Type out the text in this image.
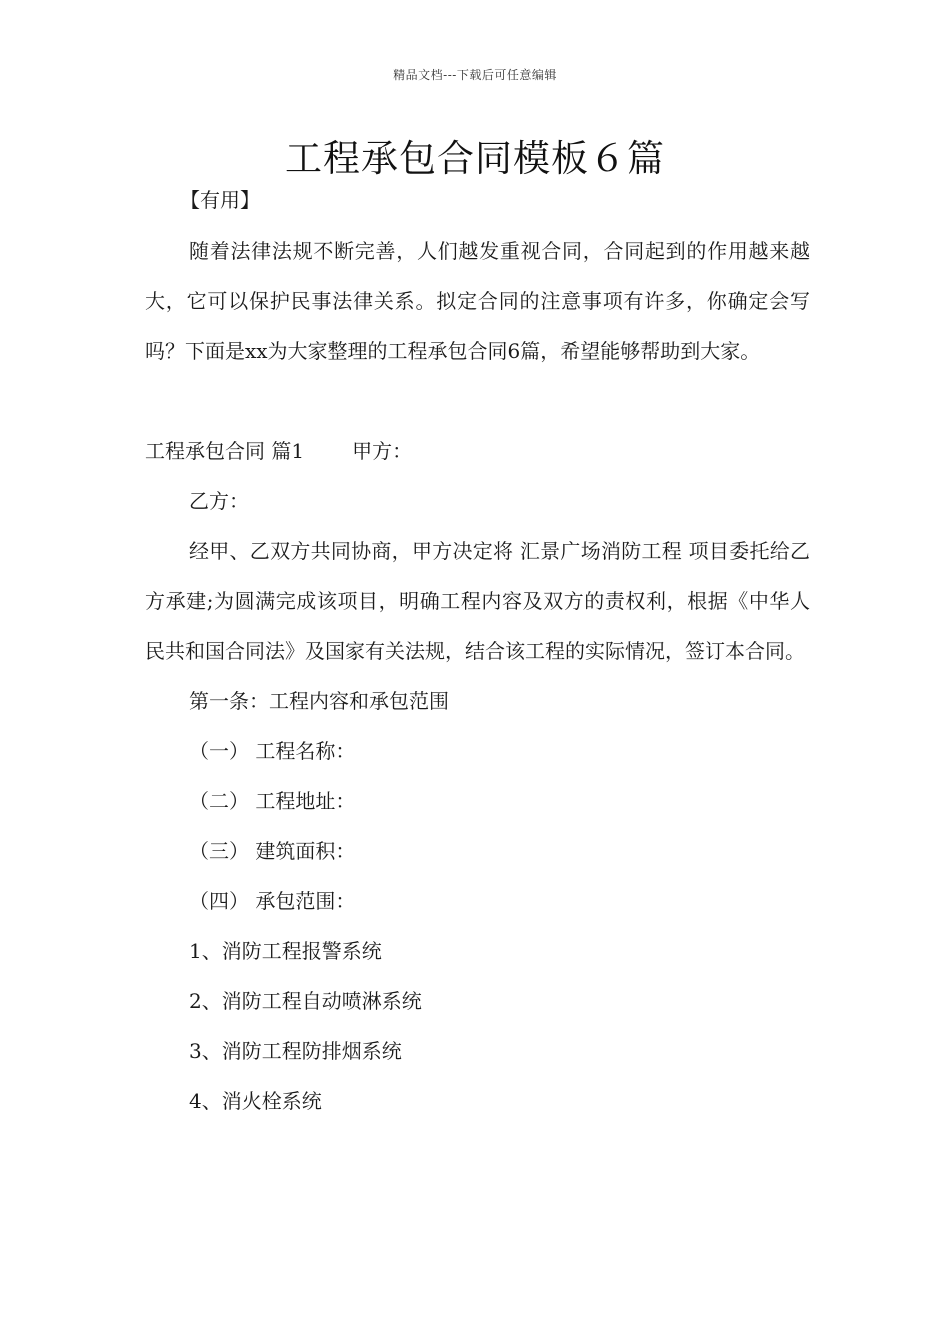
精品文档---下载后可任意编辑
工程承包合同模板６篇
【有用】

随着法律法规不断完善，人们越发重视合同，合同起到的作用越来越大，它可以保护民事法律关系。拟定合同的注意事项有许多，你确定会写吗？下面是xx为大家整理的工程承包合同6篇，希望能够帮助到大家。

工程承包合同 篇1 甲方：

乙方：

经甲、乙双方共同协商，甲方决定将 汇景广场消防工程 项目委托给乙方承建;为圆满完成该项目，明确工程内容及双方的责权利，根据《中华人民共和国合同法》及国家有关法规，结合该工程的实际情况，签订本合同。

第一条：工程内容和承包范围

（一） 工程名称：

（二） 工程地址：

（三） 建筑面积：

（四） 承包范围：

1、消防工程报警系统

2、消防工程自动喷淋系统

3、消防工程防排烟系统

4、消火栓系统
